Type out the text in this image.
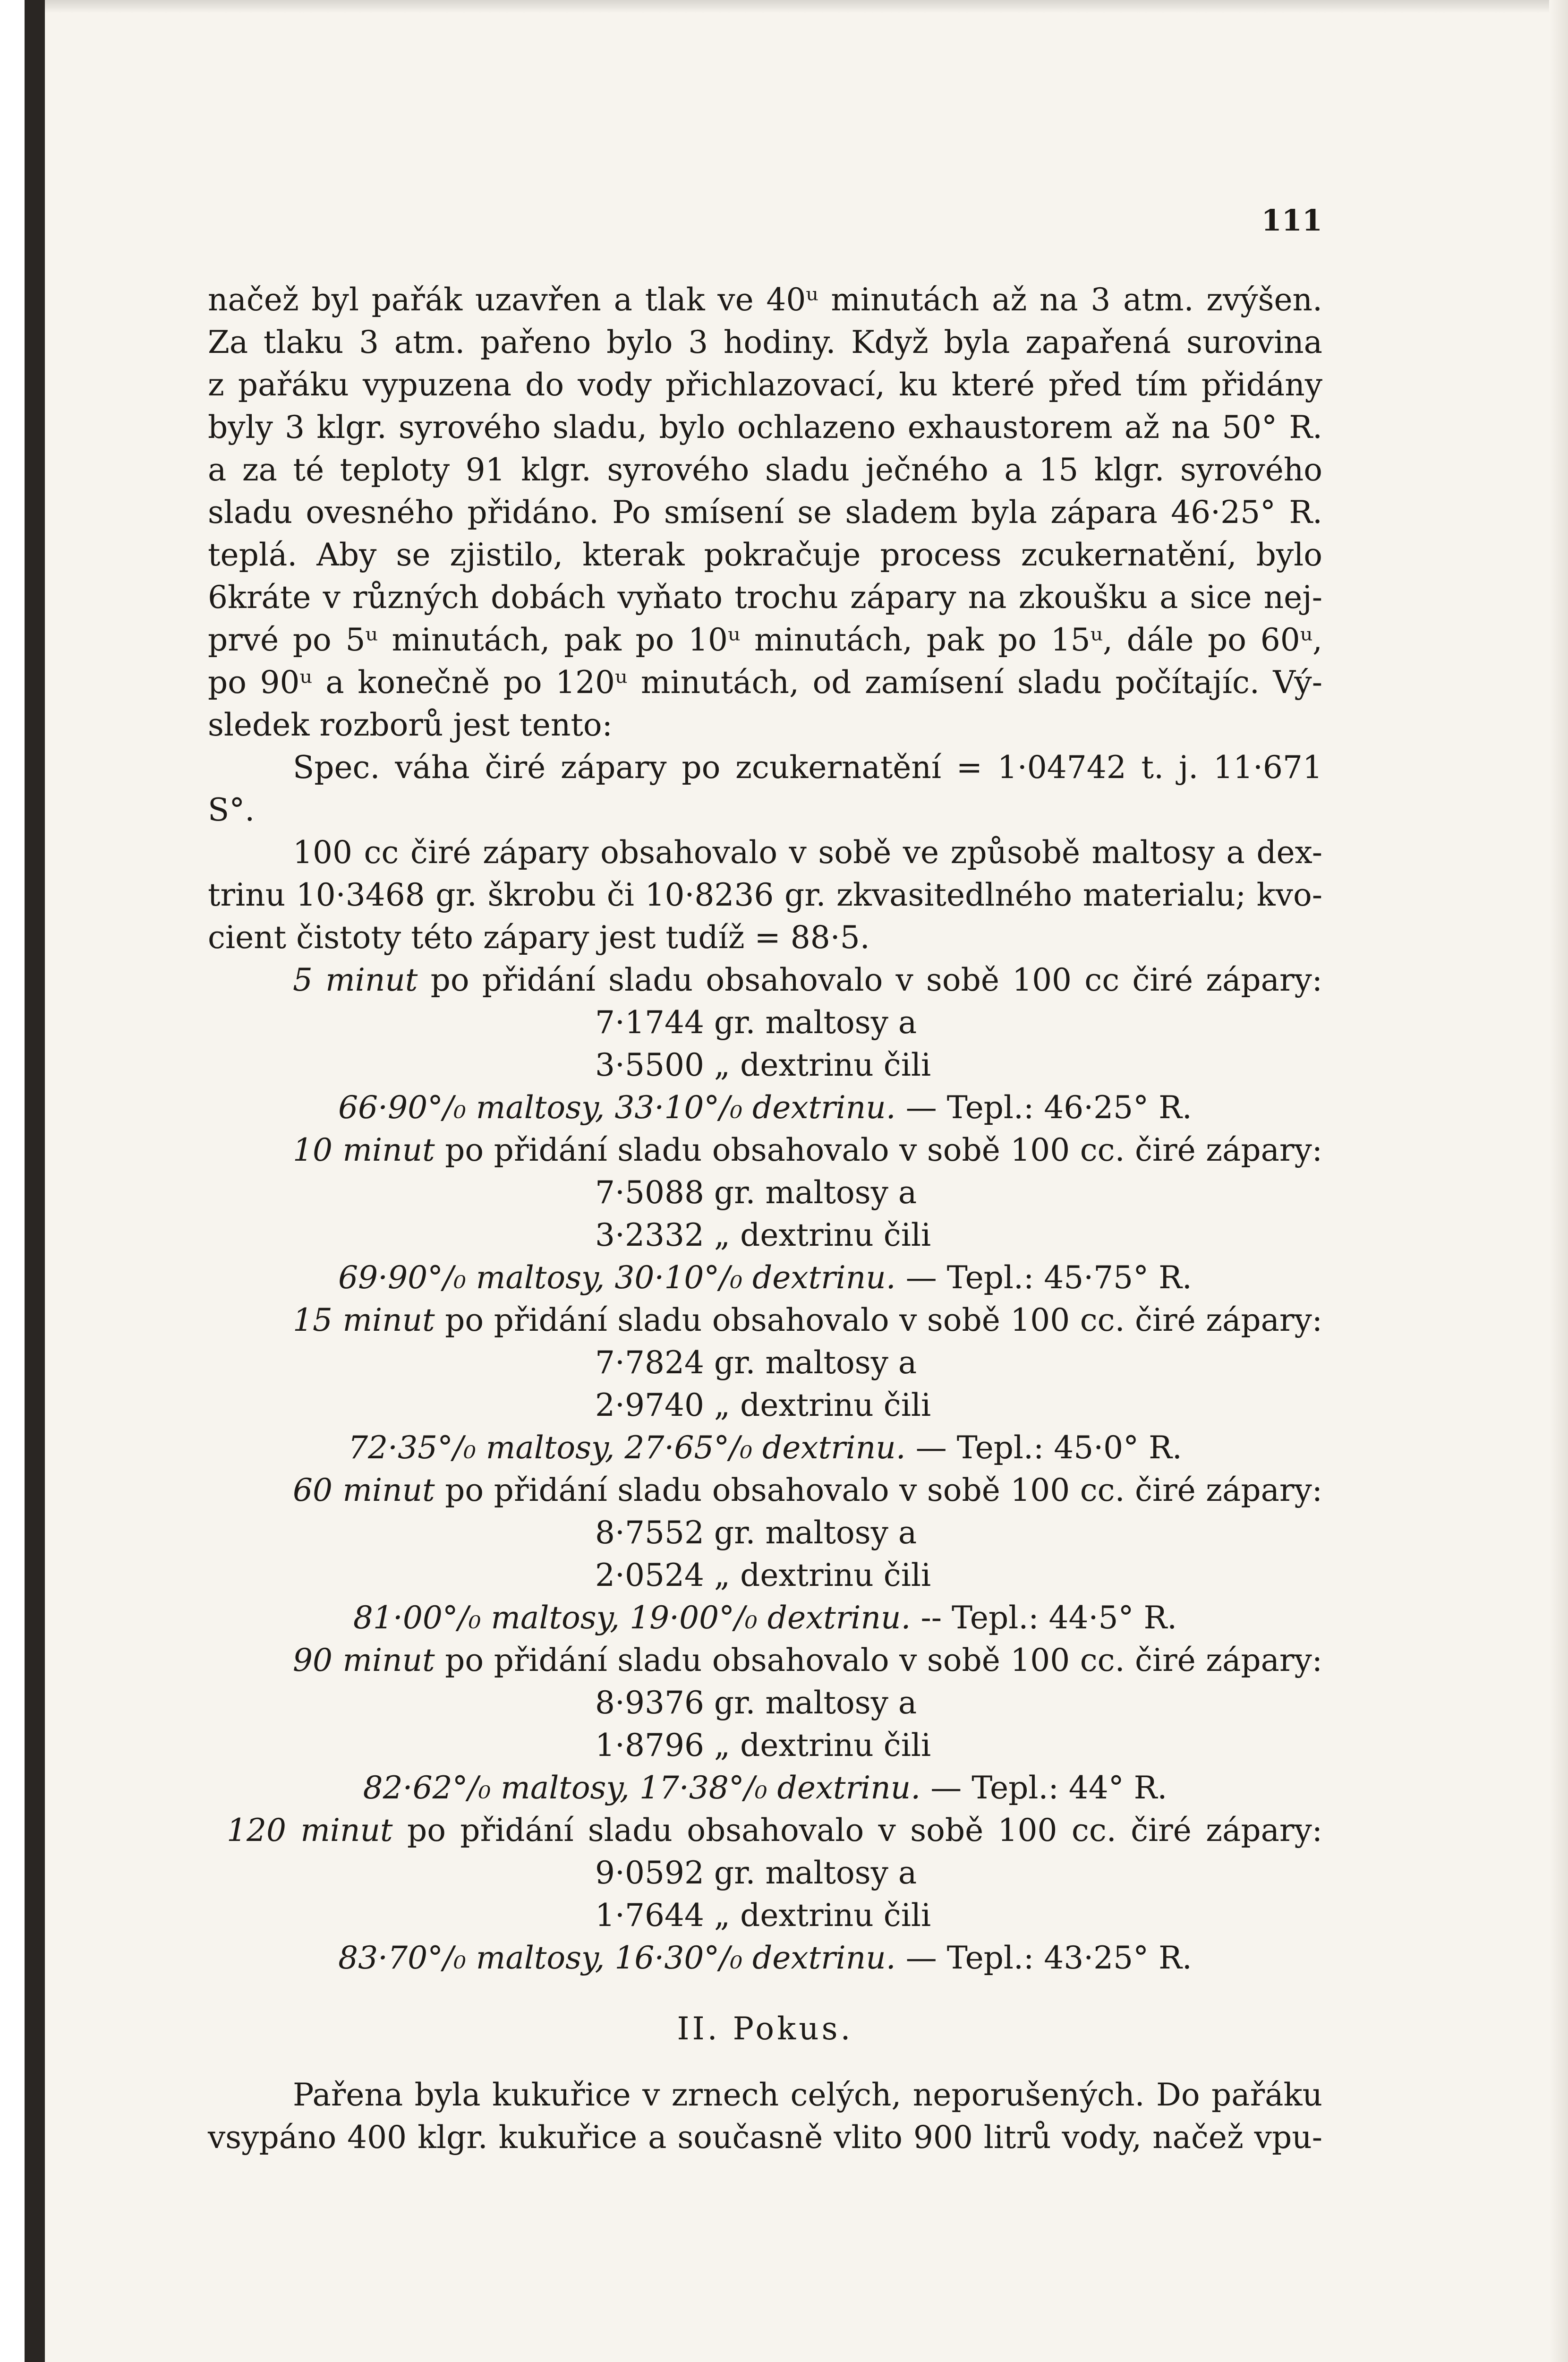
111

načež byl pařák uzavřen a tlak ve 40ᵘ minutách až na 3 atm. zvýšen.

Za tlaku 3 atm. pařeno bylo 3 hodiny. Když byla zapařená surovina

z pařáku vypuzena do vody přichlazovací, ku které před tím přidány

byly 3 klgr. syrového sladu, bylo ochlazeno exhaustorem až na 50° R.

a za té teploty 91 klgr. syrového sladu ječného a 15 klgr. syrového

sladu ovesného přidáno. Po smísení se sladem byla zápara 46·25° R.

teplá. Aby se zjistilo, kterak pokračuje process zcukernatění, bylo

6kráte v různých dobách vyňato trochu zápary na zkoušku a sice nej-

prvé po 5ᵘ minutách, pak po 10ᵘ minutách, pak po 15ᵘ, dále po 60ᵘ,

po 90ᵘ a konečně po 120ᵘ minutách, od zamísení sladu počítajíc. Vý-

sledek rozborů jest tento:

Spec. váha čiré zápary po zcukernatění = 1·04742 t. j. 11·671 S°.

100 cc čiré zápary obsahovalo v sobě ve způsobě maltosy a dex-

trinu 10·3468 gr. škrobu či 10·8236 gr. zkvasitedlného materialu; kvo-

cient čistoty této zápary jest tudíž = 88·5.

5 minut po přidání sladu obsahovalo v sobě 100 cc čiré zápary:

7·1744 gr. maltosy a

3·5500 „ dextrinu čili

66·90°/₀ maltosy, 33·10°/₀ dextrinu. — Tepl.: 46·25° R.

10 minut po přidání sladu obsahovalo v sobě 100 cc. čiré zápary:

7·5088 gr. maltosy a

3·2332 „ dextrinu čili

69·90°/₀ maltosy, 30·10°/₀ dextrinu. — Tepl.: 45·75° R.

15 minut po přidání sladu obsahovalo v sobě 100 cc. čiré zápary:

7·7824 gr. maltosy a

2·9740 „ dextrinu čili

72·35°/₀ maltosy, 27·65°/₀ dextrinu. — Tepl.: 45·0° R.

60 minut po přidání sladu obsahovalo v sobě 100 cc. čiré zápary:

8·7552 gr. maltosy a

2·0524 „ dextrinu čili

81·00°/₀ maltosy, 19·00°/₀ dextrinu. -- Tepl.: 44·5° R.

90 minut po přidání sladu obsahovalo v sobě 100 cc. čiré zápary:

8·9376 gr. maltosy a

1·8796 „ dextrinu čili

82·62°/₀ maltosy, 17·38°/₀ dextrinu. — Tepl.: 44° R.

120 minut po přidání sladu obsahovalo v sobě 100 cc. čiré zápary:

9·0592 gr. maltosy a

1·7644 „ dextrinu čili

83·70°/₀ maltosy, 16·30°/₀ dextrinu. — Tepl.: 43·25° R.

II. Pokus.

Pařena byla kukuřice v zrnech celých, neporušených. Do pařáku

vsypáno 400 klgr. kukuřice a současně vlito 900 litrů vody, načež vpu-
